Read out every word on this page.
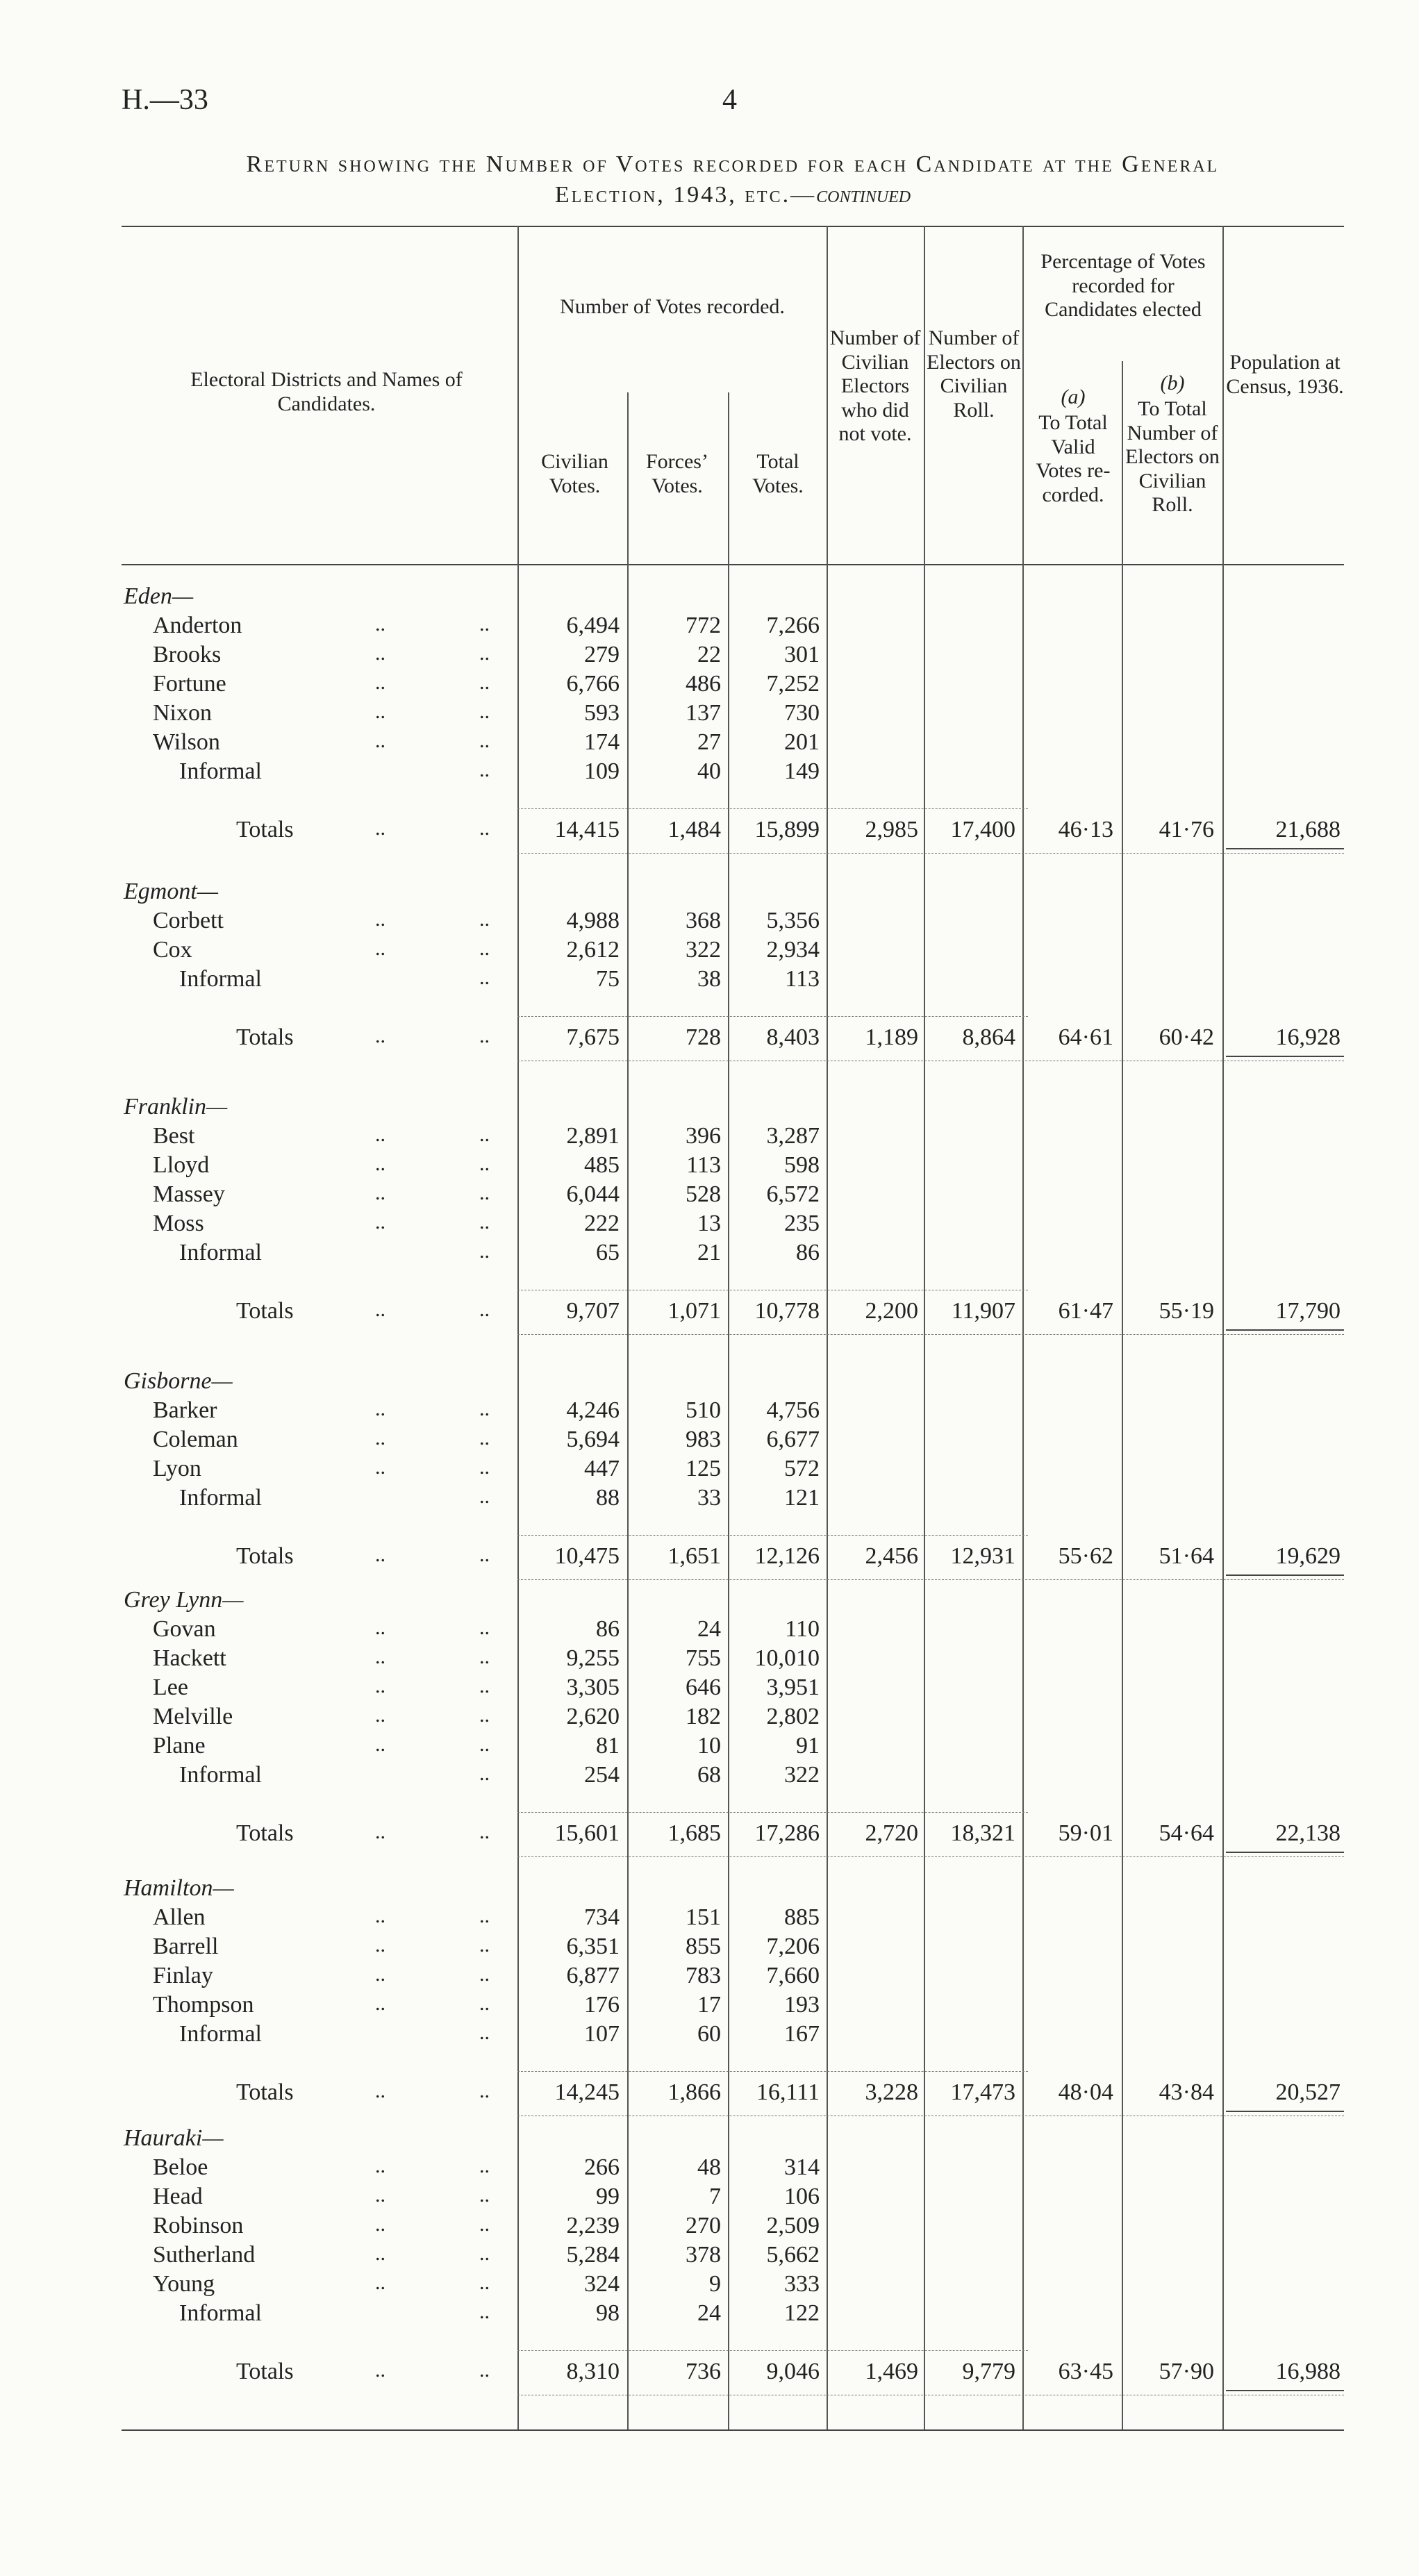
H.—33	4
Return showing the Number of Votes recorded for each Candidate at the General
Election, 1943, etc.—continued
Electoral Districts and Names of Candidates.
Number of Votes recorded.
Civilian Votes.
Forces’ Votes.
Total Votes.
Number of Civilian Electors who did not vote.
Number of Electors on Civilian Roll.
Percentage of Votes recorded for Candidates elected
(a)
To Total Valid Votes re-corded.
(b)
To Total Number of Electors on Civilian Roll.
Population at Census, 1936.
Eden—
Anderton	..	..	6,494	772	7,266
Brooks	..	..	279	22	301
Fortune	..	..	6,766	486	7,252
Nixon	..	..	593	137	730
Wilson	..	..	174	27	201
Informal	..	109	40	149
Totals	..	..	14,415	1,484	15,899	2,985	17,400	46·13	41·76	21,688
Egmont—
Corbett	..	..	4,988	368	5,356
Cox	..	..	2,612	322	2,934
Informal	..	75	38	113
Totals	..	..	7,675	728	8,403	1,189	8,864	64·61	60·42	16,928
Franklin—
Best	..	..	2,891	396	3,287
Lloyd	..	..	485	113	598
Massey	..	..	6,044	528	6,572
Moss	..	..	222	13	235
Informal	..	65	21	86
Totals	..	..	9,707	1,071	10,778	2,200	11,907	61·47	55·19	17,790
Gisborne—
Barker	..	..	4,246	510	4,756
Coleman	..	..	5,694	983	6,677
Lyon	..	..	447	125	572
Informal	..	88	33	121
Totals	..	..	10,475	1,651	12,126	2,456	12,931	55·62	51·64	19,629
Grey Lynn—
Govan	..	..	86	24	110
Hackett	..	..	9,255	755	10,010
Lee	..	..	3,305	646	3,951
Melville	..	..	2,620	182	2,802
Plane	..	..	81	10	91
Informal	..	254	68	322
Totals	..	..	15,601	1,685	17,286	2,720	18,321	59·01	54·64	22,138
Hamilton—
Allen	..	..	734	151	885
Barrell	..	..	6,351	855	7,206
Finlay	..	..	6,877	783	7,660
Thompson	..	..	176	17	193
Informal	..	107	60	167
Totals	..	..	14,245	1,866	16,111	3,228	17,473	48·04	43·84	20,527
Hauraki—
Beloe	..	..	266	48	314
Head	..	..	99	7	106
Robinson	..	..	2,239	270	2,509
Sutherland	..	..	5,284	378	5,662
Young	..	..	324	9	333
Informal	..	98	24	122
Totals	..	..	8,310	736	9,046	1,469	9,779	63·45	57·90	16,988
